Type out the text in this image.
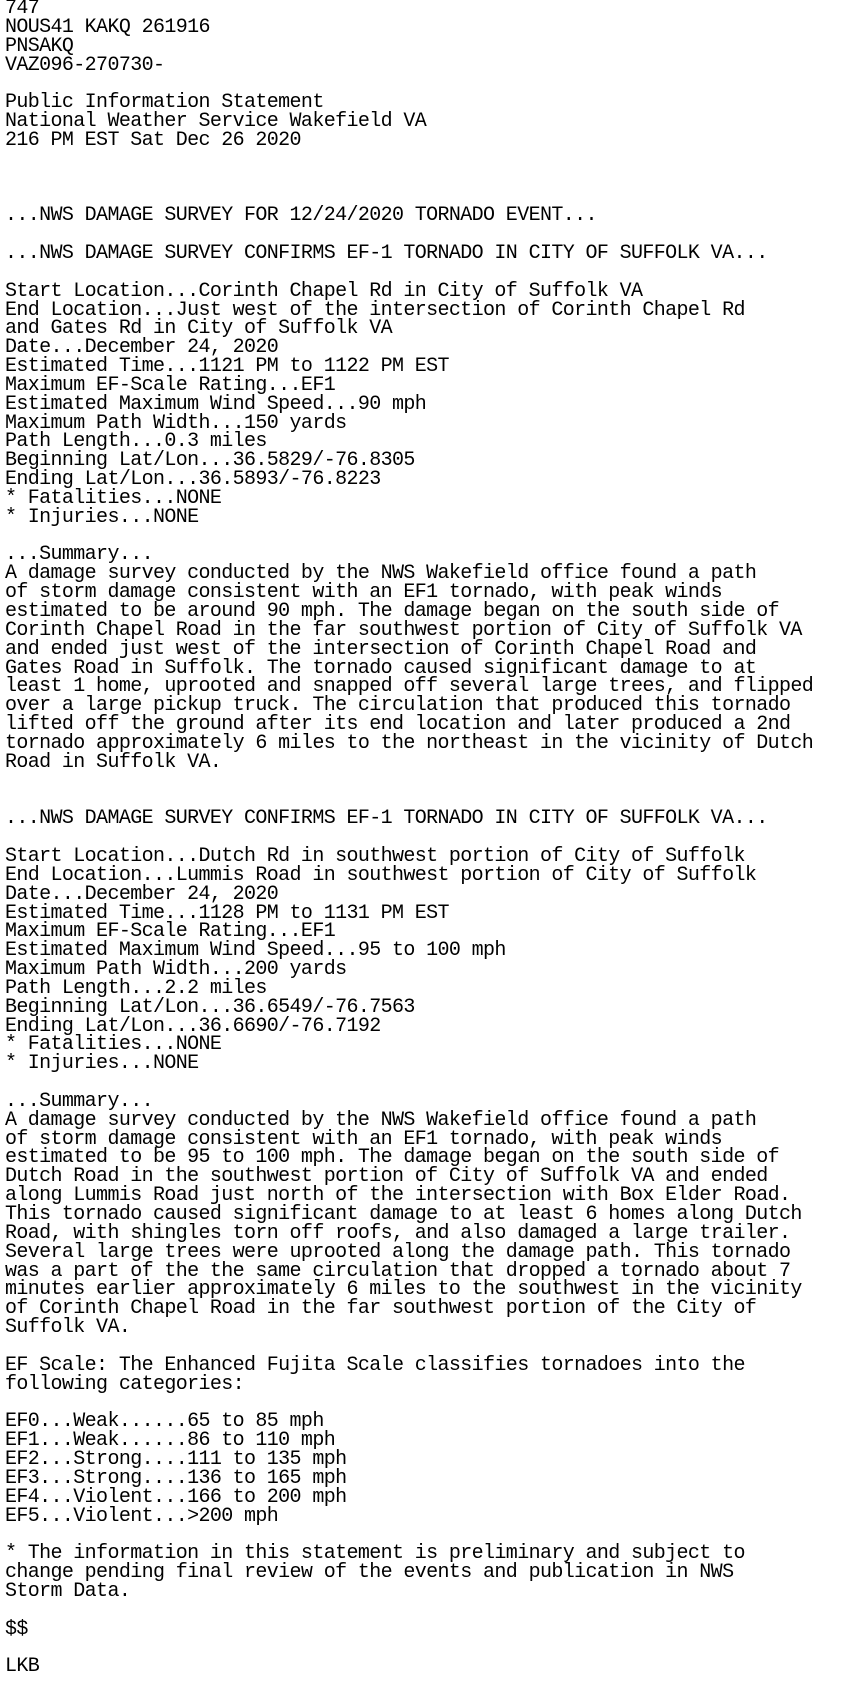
747
NOUS41 KAKQ 261916
PNSAKQ
VAZ096-270730-
Public Information Statement
National Weather Service Wakefield VA
216 PM EST Sat Dec 26 2020
...NWS DAMAGE SURVEY FOR 12/24/2020 TORNADO EVENT...
...NWS DAMAGE SURVEY CONFIRMS EF-1 TORNADO IN CITY OF SUFFOLK VA...
Start Location...Corinth Chapel Rd in City of Suffolk VA
End Location...Just west of the intersection of Corinth Chapel Rd
and Gates Rd in City of Suffolk VA
Date...December 24, 2020
Estimated Time...1121 PM to 1122 PM EST
Maximum EF-Scale Rating...EF1
Estimated Maximum Wind Speed...90 mph
Maximum Path Width...150 yards
Path Length...0.3 miles
Beginning Lat/Lon...36.5829/-76.8305
Ending Lat/Lon...36.5893/-76.8223
* Fatalities...NONE
* Injuries...NONE
...Summary...
A damage survey conducted by the NWS Wakefield office found a path
of storm damage consistent with an EF1 tornado, with peak winds
estimated to be around 90 mph. The damage began on the south side of
Corinth Chapel Road in the far southwest portion of City of Suffolk VA
and ended just west of the intersection of Corinth Chapel Road and
Gates Road in Suffolk. The tornado caused significant damage to at
least 1 home, uprooted and snapped off several large trees, and flipped
over a large pickup truck. The circulation that produced this tornado
lifted off the ground after its end location and later produced a 2nd
tornado approximately 6 miles to the northeast in the vicinity of Dutch
Road in Suffolk VA.
...NWS DAMAGE SURVEY CONFIRMS EF-1 TORNADO IN CITY OF SUFFOLK VA...
Start Location...Dutch Rd in southwest portion of City of Suffolk
End Location...Lummis Road in southwest portion of City of Suffolk
Date...December 24, 2020
Estimated Time...1128 PM to 1131 PM EST
Maximum EF-Scale Rating...EF1
Estimated Maximum Wind Speed...95 to 100 mph
Maximum Path Width...200 yards
Path Length...2.2 miles
Beginning Lat/Lon...36.6549/-76.7563
Ending Lat/Lon...36.6690/-76.7192
* Fatalities...NONE
* Injuries...NONE
...Summary...
A damage survey conducted by the NWS Wakefield office found a path
of storm damage consistent with an EF1 tornado, with peak winds
estimated to be 95 to 100 mph. The damage began on the south side of
Dutch Road in the southwest portion of City of Suffolk VA and ended
along Lummis Road just north of the intersection with Box Elder Road.
This tornado caused significant damage to at least 6 homes along Dutch
Road, with shingles torn off roofs, and also damaged a large trailer.
Several large trees were uprooted along the damage path. This tornado
was a part of the the same circulation that dropped a tornado about 7
minutes earlier approximately 6 miles to the southwest in the vicinity
of Corinth Chapel Road in the far southwest portion of the City of
Suffolk VA.
EF Scale: The Enhanced Fujita Scale classifies tornadoes into the
following categories:
EF0...Weak......65 to 85 mph
EF1...Weak......86 to 110 mph
EF2...Strong....111 to 135 mph
EF3...Strong....136 to 165 mph
EF4...Violent...166 to 200 mph
EF5...Violent...>200 mph
* The information in this statement is preliminary and subject to
change pending final review of the events and publication in NWS
Storm Data.
$$
LKB
